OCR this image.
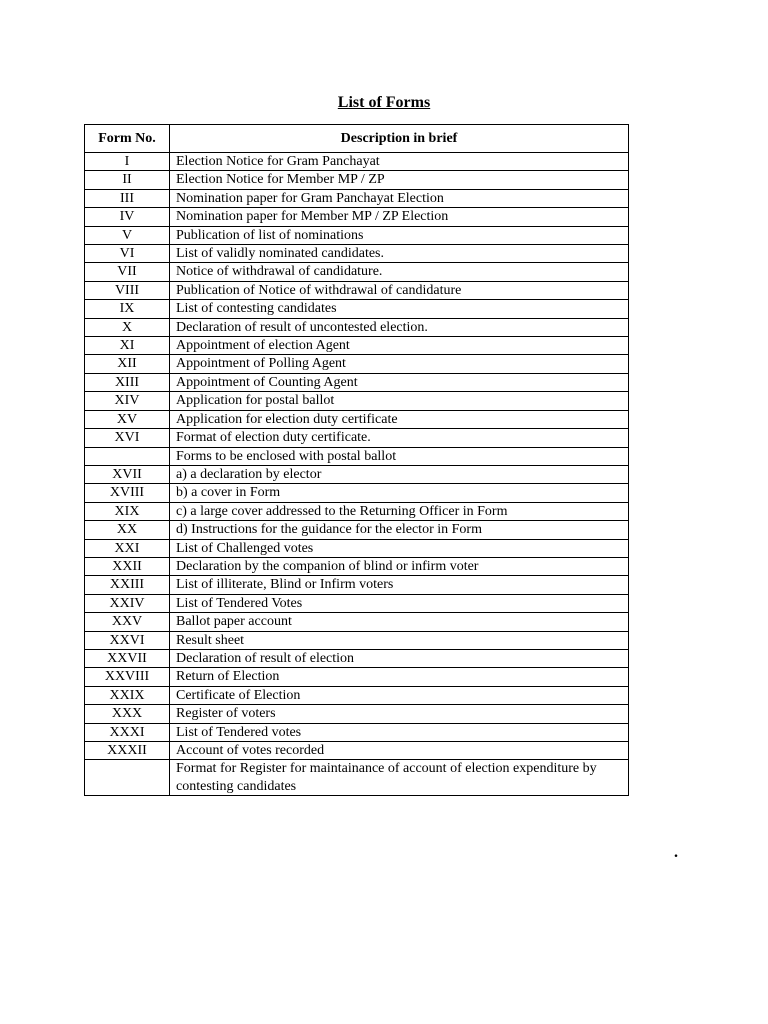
List of Forms
Form No.	Description in brief
I	Election Notice for Gram Panchayat
II	Election Notice for Member MP / ZP
III	Nomination paper for Gram Panchayat Election
IV	Nomination paper for Member MP / ZP Election
V	Publication of list of nominations
VI	List of validly nominated candidates.
VII	Notice of withdrawal of candidature.
VIII	Publication of Notice of withdrawal of candidature
IX	List of contesting candidates
X	Declaration of result of uncontested election.
XI	Appointment of election Agent
XII	Appointment of Polling Agent
XIII	Appointment of Counting Agent
XIV	Application for postal ballot
XV	Application for election duty certificate
XVI	Format of election duty certificate.
	Forms to be enclosed with postal ballot
XVII	a) a declaration by elector
XVIII	b) a cover in Form
XIX	c) a large cover addressed to the Returning Officer in Form
XX	d) Instructions for the guidance for the elector in Form
XXI	List of Challenged votes
XXII	Declaration by the companion of blind or infirm voter
XXIII	List of illiterate, Blind or Infirm voters
XXIV	List of Tendered Votes
XXV	Ballot paper account
XXVI	Result sheet
XXVII	Declaration of result of election
XXVIII	Return of Election
XXIX	Certificate of Election
XXX	Register of voters
XXXI	List of Tendered votes
XXXII	Account of votes recorded
	Format for Register for maintainance of account of election expenditure by contesting candidates
.
